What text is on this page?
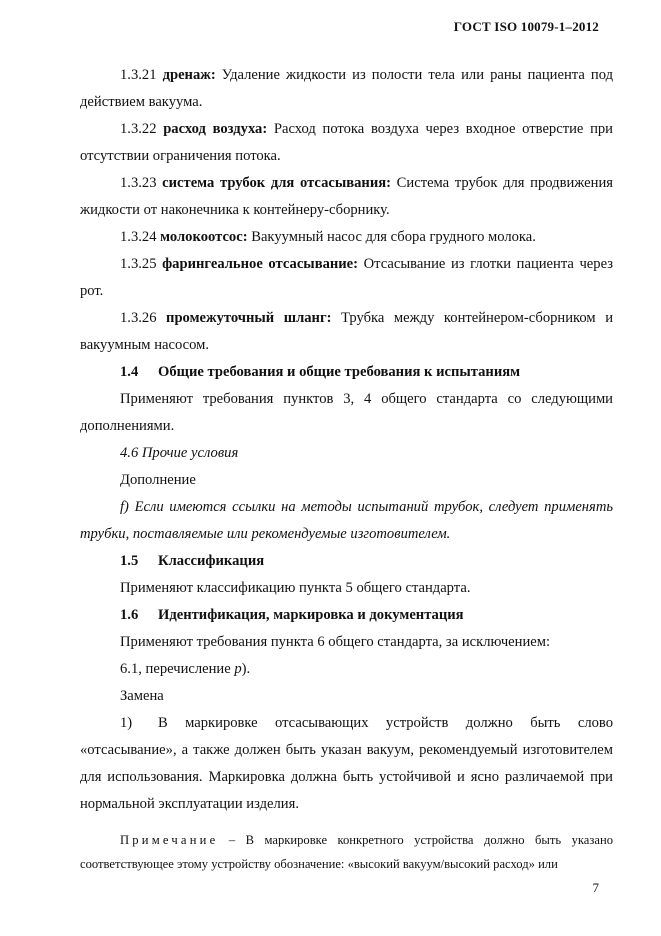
ГОСТ ISO 10079-1–2012

1.3.21 дренаж: Удаление жидкости из полости тела или раны пациента под действием вакуума.

1.3.22 расход воздуха: Расход потока воздуха через входное отверстие при отсутствии ограничения потока.

1.3.23 система трубок для отсасывания: Система трубок для продвижения жидкости от наконечника к контейнеру-сборнику.

1.3.24 молокоотсос: Вакуумный насос для сбора грудного молока.

1.3.25 фарингеальное отсасывание: Отсасывание из глотки пациента через рот.

1.3.26 промежуточный шланг: Трубка между контейнером-сборником и вакуумным насосом.

1.4 Общие требования и общие требования к испытаниям

Применяют требования пунктов 3, 4 общего стандарта со следующими дополнениями.

4.6 Прочие условия

Дополнение

f) Если имеются ссылки на методы испытаний трубок, следует применять трубки, поставляемые или рекомендуемые изготовителем.

1.5 Классификация

Применяют классификацию пункта 5 общего стандарта.

1.6 Идентификация, маркировка и документация

Применяют требования пункта 6 общего стандарта, за исключением:

6.1, перечисление p).

Замена

1) В маркировке отсасывающих устройств должно быть слово «отсасывание», а также должен быть указан вакуум, рекомендуемый изготовителем для использования. Маркировка должна быть устойчивой и ясно различаемой при нормальной эксплуатации изделия.

Примечание – В маркировке конкретного устройства должно быть указано соответствующее этому устройству обозначение: «высокий вакуум/высокий расход» или

7
